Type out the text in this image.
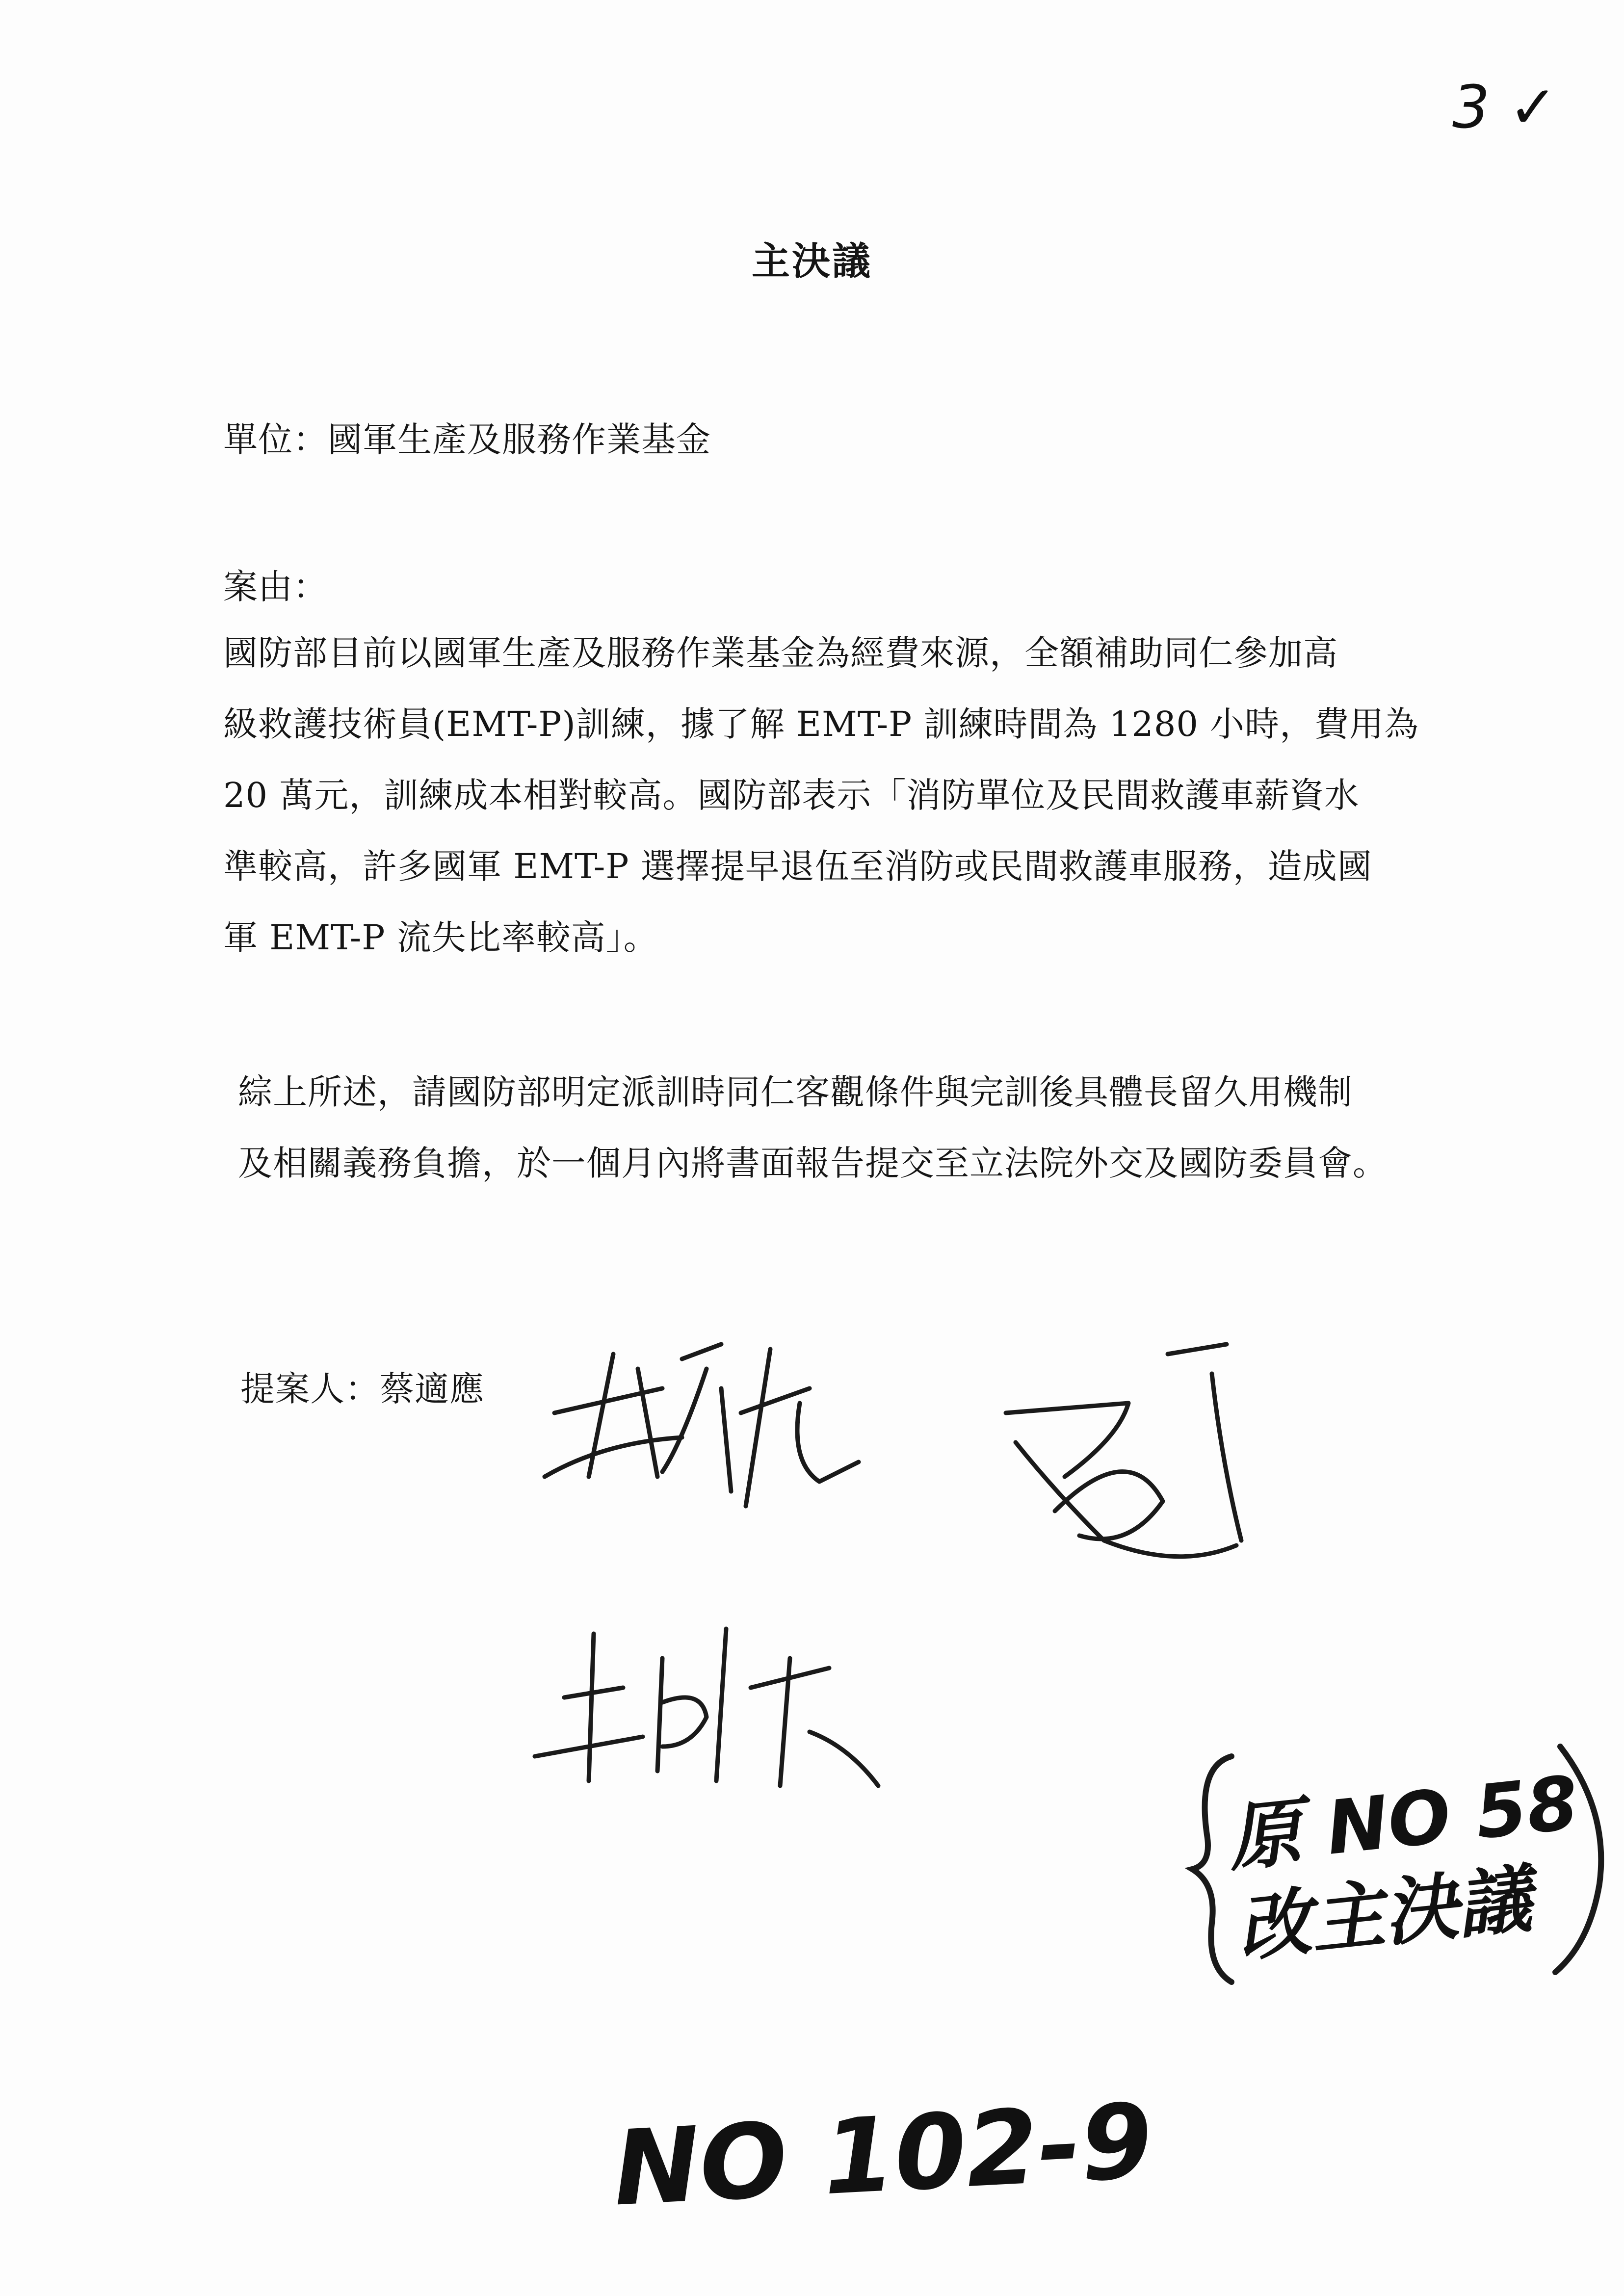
3 ✓
主決議
單位：國軍生產及服務作業基金
案由：
國防部目前以國軍生產及服務作業基金為經費來源，全額補助同仁參加高
級救護技術員(EMT-P)訓練，據了解 EMT-P 訓練時間為 1280 小時，費用為
20 萬元，訓練成本相對較高。國防部表示「消防單位及民間救護車薪資水
準較高，許多國軍 EMT-P 選擇提早退伍至消防或民間救護車服務，造成國
軍 EMT-P 流失比率較高」。
綜上所述，請國防部明定派訓時同仁客觀條件與完訓後具體長留久用機制
及相關義務負擔，於一個月內將書面報告提交至立法院外交及國防委員會。
提案人：蔡適應
原 NO 58
改主決議
NO 102-9
